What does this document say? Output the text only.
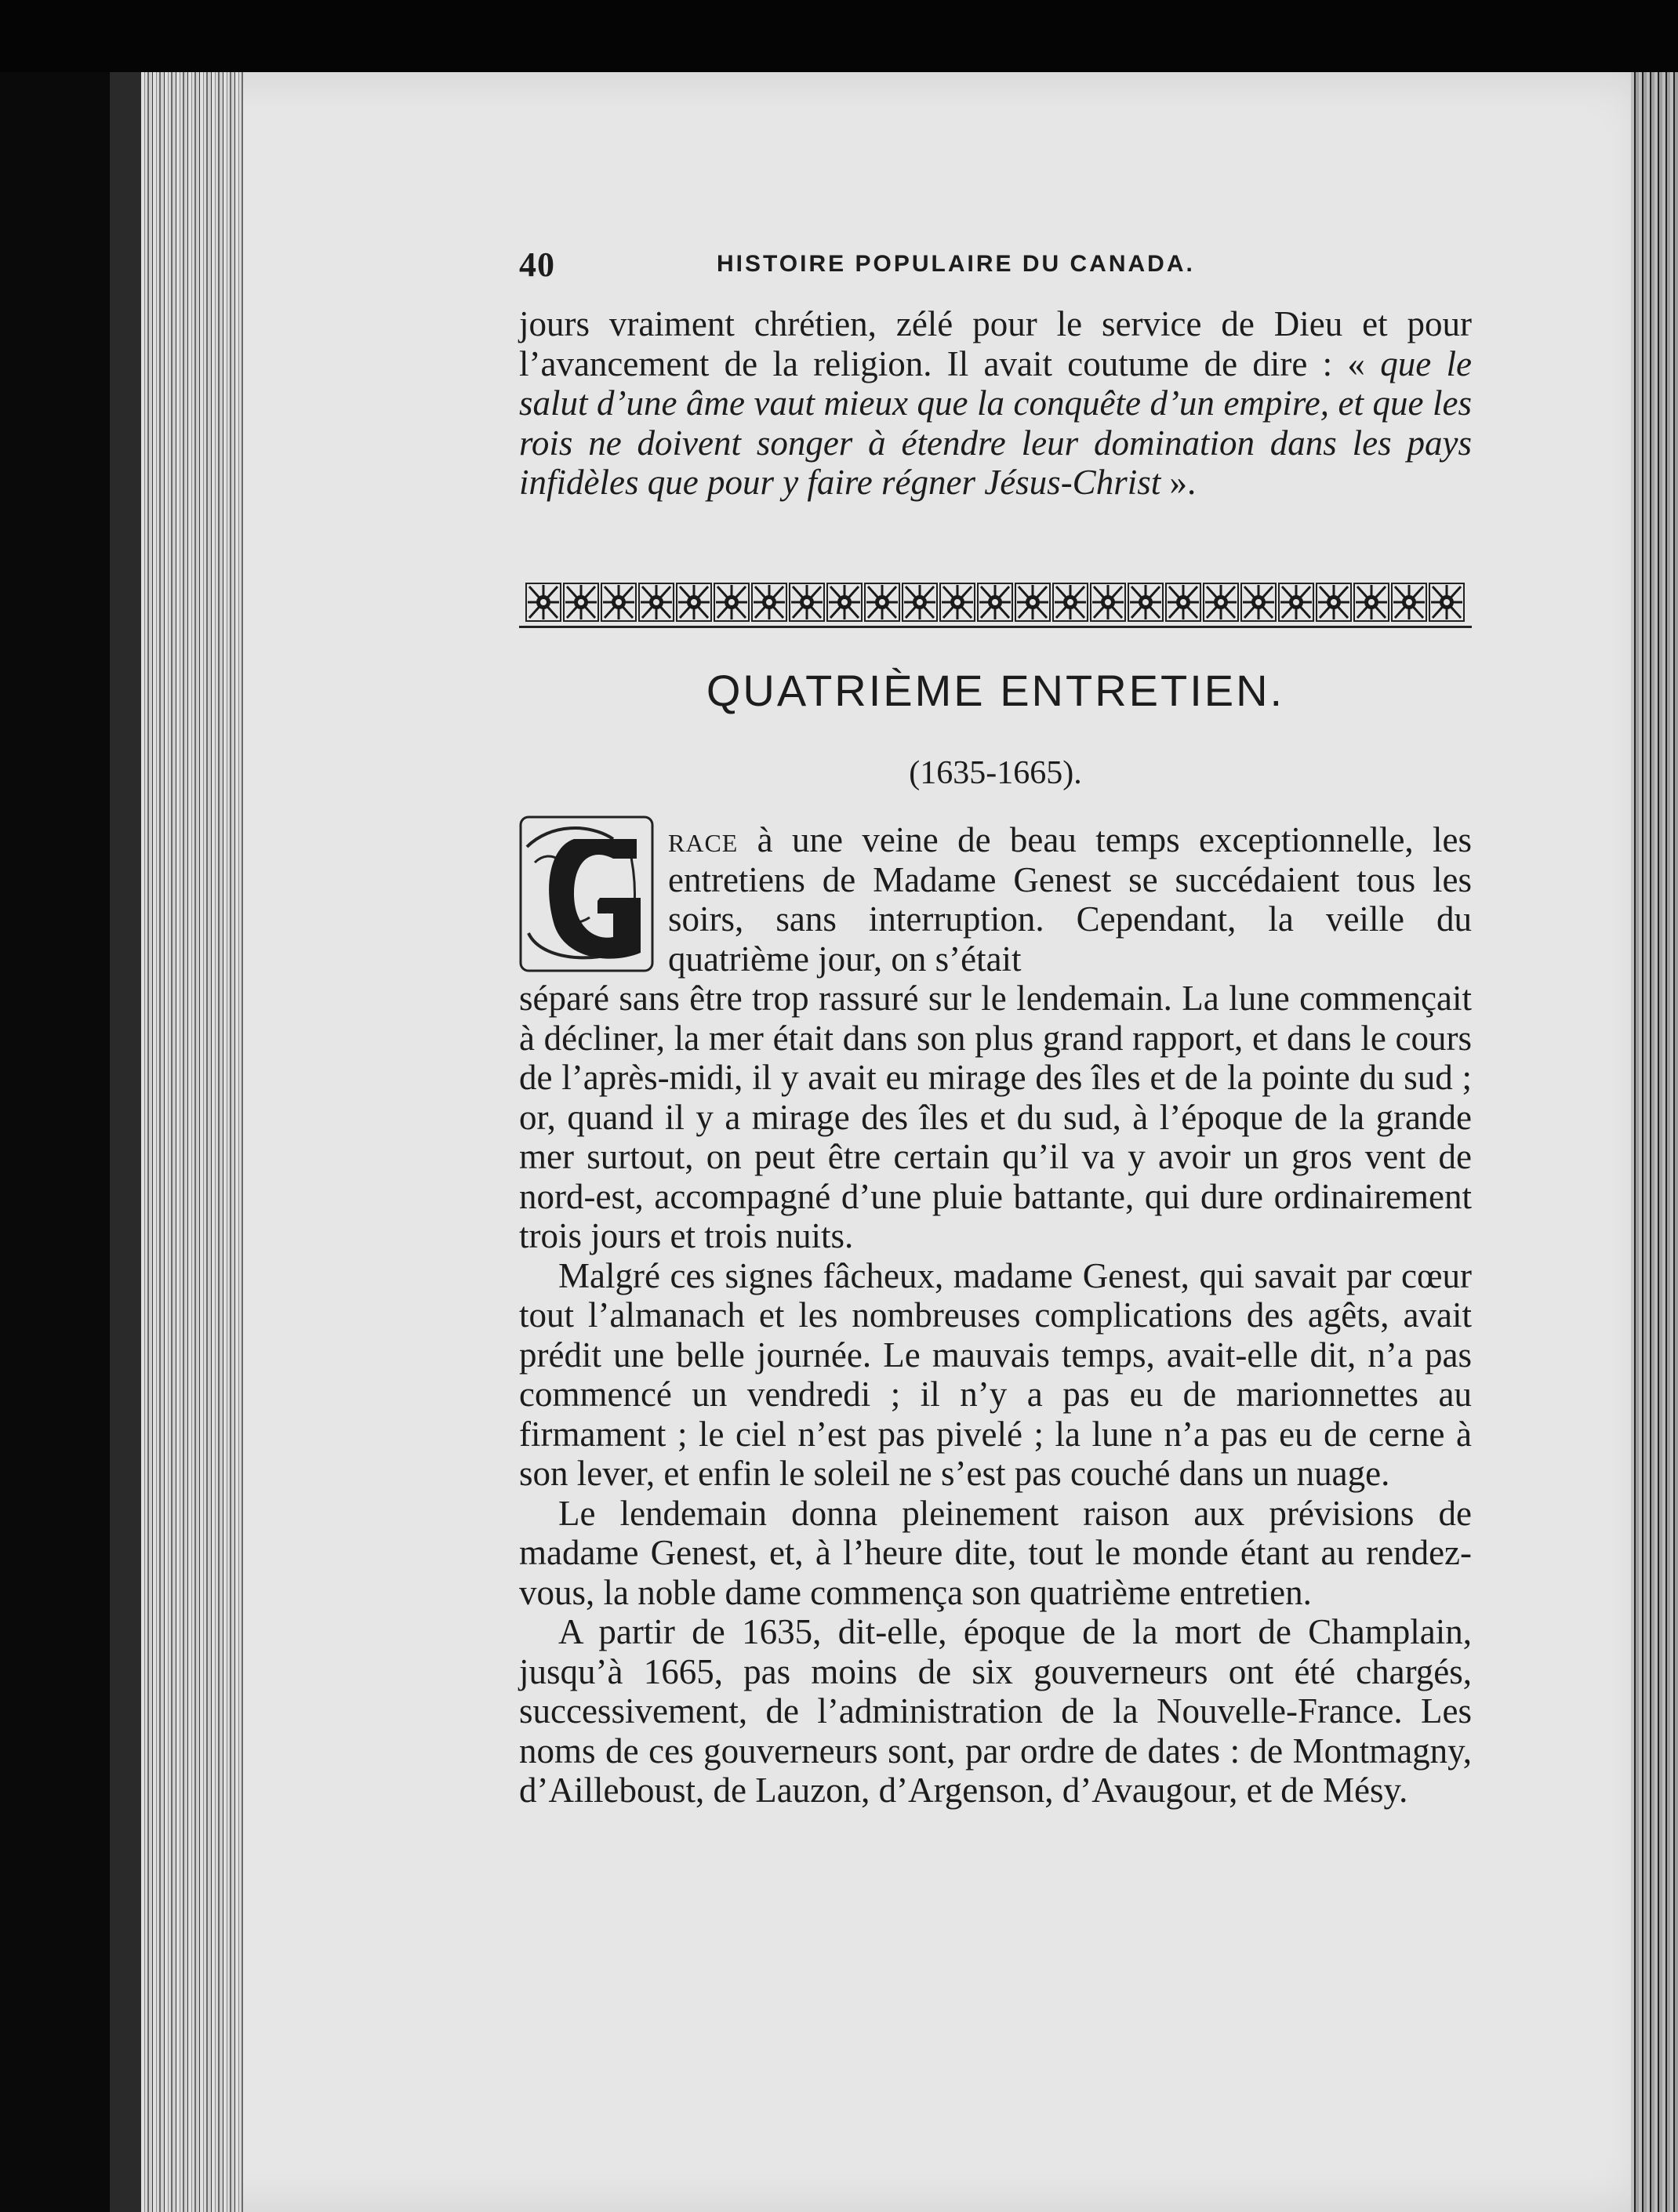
40	HISTOIRE POPULAIRE DU CANADA.

jours vraiment chrétien, zélé pour le service de Dieu et pour l’avancement de la religion. Il avait coutume de dire : « que le salut d’une âme vaut mieux que la conquête d’un empire, et que les rois ne doivent songer à étendre leur domination dans les pays infidèles que pour y faire régner Jésus-Christ ».

QUATRIÈME ENTRETIEN.
(1635-1665).

race à une veine de beau temps exceptionnelle, les entretiens de Madame Genest se succédaient tous les soirs, sans interruption. Cependant, la veille du quatrième jour, on s’était

séparé sans être trop rassuré sur le lendemain. La lune commençait à décliner, la mer était dans son plus grand rapport, et dans le cours de l’après-midi, il y avait eu mirage des îles et de la pointe du sud ; or, quand il y a mirage des îles et du sud, à l’époque de la grande mer surtout, on peut être certain qu’il va y avoir un gros vent de nord-est, accompagné d’une pluie battante, qui dure ordinairement trois jours et trois nuits.

Malgré ces signes fâcheux, madame Genest, qui savait par cœur tout l’almanach et les nombreuses complications des agêts, avait prédit une belle journée. Le mauvais temps, avait-elle dit, n’a pas commencé un vendredi ; il n’y a pas eu de marionnettes au firmament ; le ciel n’est pas pivelé ; la lune n’a pas eu de cerne à son lever, et enfin le soleil ne s’est pas couché dans un nuage.

Le lendemain donna pleinement raison aux prévisions de madame Genest, et, à l’heure dite, tout le monde étant au rendez-vous, la noble dame commença son quatrième entretien.

A partir de 1635, dit-elle, époque de la mort de Champlain, jusqu’à 1665, pas moins de six gouverneurs ont été chargés, successivement, de l’administration de la Nouvelle-France. Les noms de ces gouverneurs sont, par ordre de dates : de Montmagny, d’Ailleboust, de Lauzon, d’Argenson, d’Avaugour, et de Mésy.
